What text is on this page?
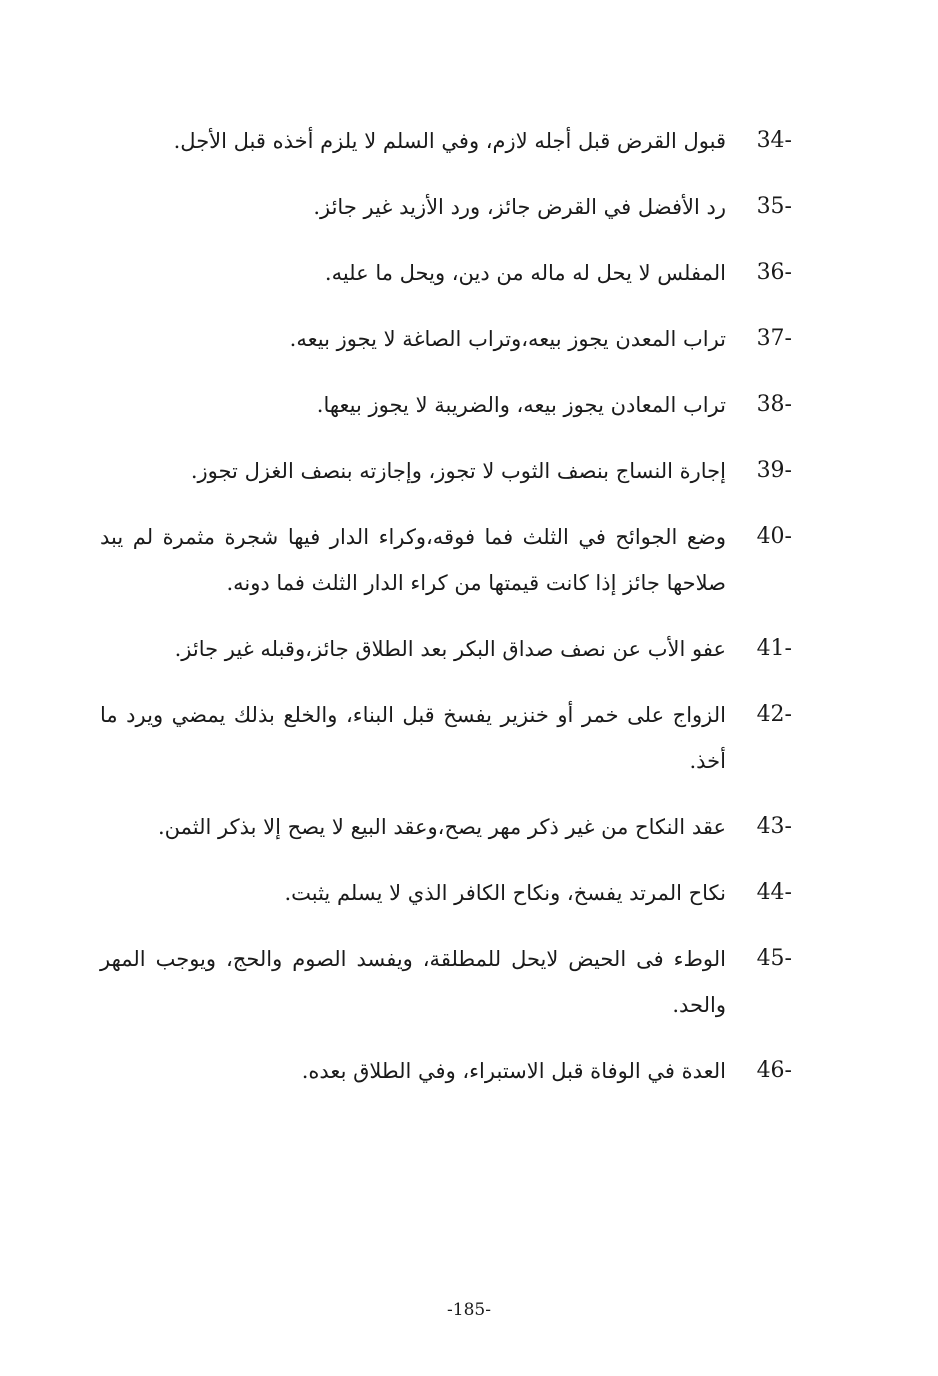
34-
قبول القرض قبل أجله لازم، وفي السلم لا يلزم أخذه قبل الأجل.
35-
رد الأفضل في القرض جائز، ورد الأزيد غير جائز.
36-
المفلس لا يحل له ماله من دين، ويحل ما عليه.
37-
تراب المعدن يجوز بيعه،وتراب الصاغة لا يجوز بيعه.
38-
تراب المعادن يجوز بيعه، والضريبة لا يجوز بيعها.
39-
إجارة النساج بنصف الثوب لا تجوز، وإجازته بنصف الغزل تجوز.
40-
وضع الجوائح في الثلث فما فوقه،وكراء الدار فيها شجرة مثمرة لم يبد صلاحها جائز إذا كانت قيمتها من كراء الدار الثلث فما دونه.
41-
عفو الأب عن نصف صداق البكر بعد الطلاق جائز،وقبله غير جائز.
42-
الزواج على خمر أو خنزير يفسخ قبل البناء، والخلع بذلك يمضي ويرد ما أخذ.
43-
عقد النكاح من غير ذكر مهر يصح،وعقد البيع لا يصح إلا بذكر الثمن.
44-
نكاح المرتد يفسخ، ونكاح الكافر الذي لا يسلم يثبت.
45-
الوطء فى الحيض لايحل للمطلقة، ويفسد الصوم والحج، ويوجب المهر والحد.
46-
العدة في الوفاة قبل الاستبراء، وفي الطلاق بعده.
-185-
